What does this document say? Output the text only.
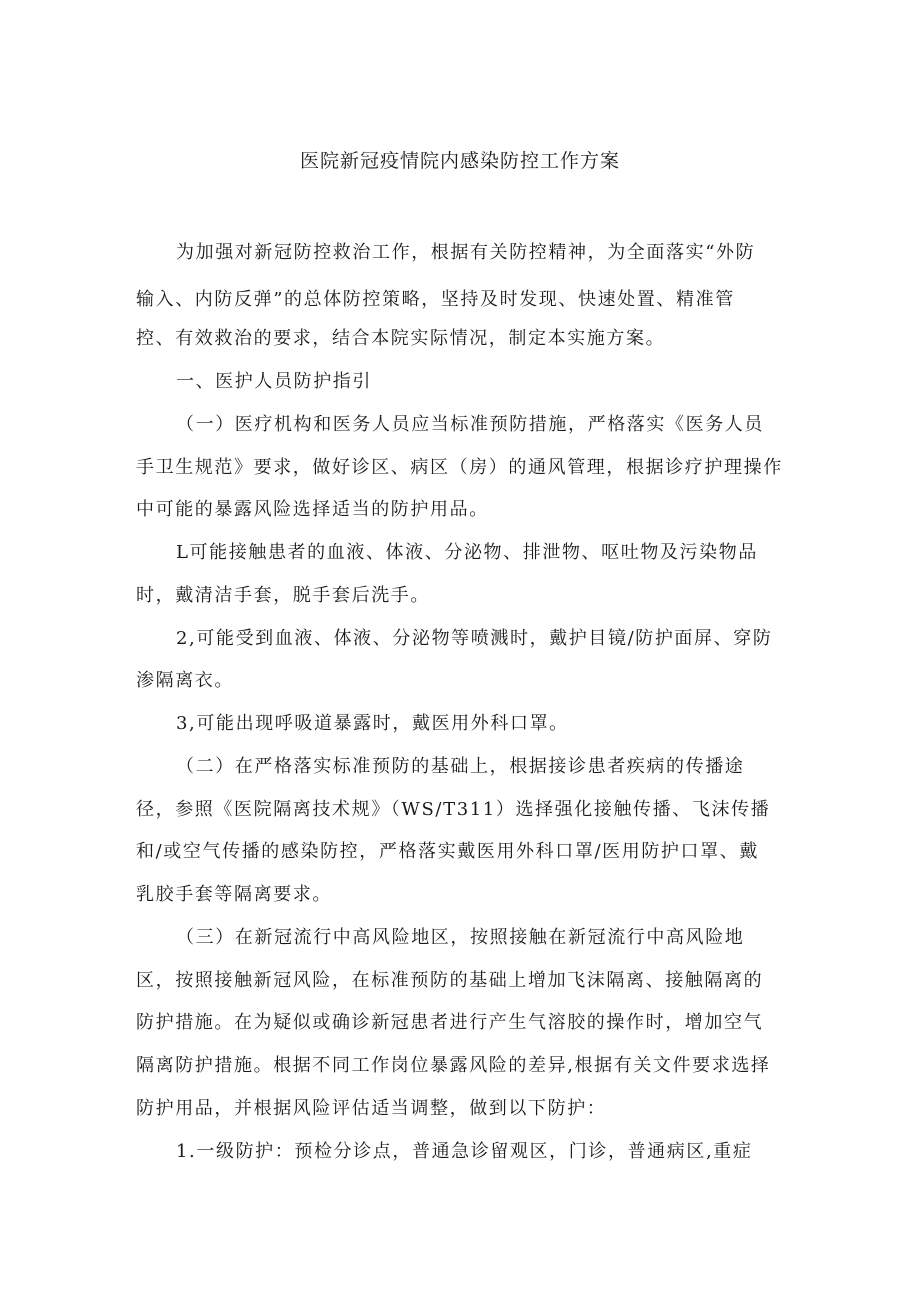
医院新冠疫情院内感染防控工作方案
为加强对新冠防控救治工作，根据有关防控精神，为全面落实“外防
输入、内防反弹”的总体防控策略，坚持及时发现、快速处置、精准管
控、有效救治的要求，结合本院实际情况，制定本实施方案。
一、医护人员防护指引
（一）医疗机构和医务人员应当标准预防措施，严格落实《医务人员
手卫生规范》要求，做好诊区、病区（房）的通风管理，根据诊疗护理操作
中可能的暴露风险选择适当的防护用品。
L可能接触患者的血液、体液、分泌物、排泄物、呕吐物及污染物品
时，戴清洁手套，脱手套后洗手。
2,可能受到血液、体液、分泌物等喷溅时，戴护目镜/防护面屏、穿防
渗隔离衣。
3,可能出现呼吸道暴露时，戴医用外科口罩。
（二）在严格落实标准预防的基础上，根据接诊患者疾病的传播途
径，参照《医院隔离技术规》（WS/T311）选择强化接触传播、飞沫传播
和/或空气传播的感染防控，严格落实戴医用外科口罩/医用防护口罩、戴
乳胶手套等隔离要求。
（三）在新冠流行中高风险地区，按照接触在新冠流行中高风险地
区，按照接触新冠风险，在标准预防的基础上增加飞沫隔离、接触隔离的
防护措施。在为疑似或确诊新冠患者进行产生气溶胶的操作时，增加空气
隔离防护措施。根据不同工作岗位暴露风险的差异,根据有关文件要求选择
防护用品，并根据风险评估适当调整，做到以下防护：
1.一级防护：预检分诊点，普通急诊留观区，门诊，普通病区,重症
